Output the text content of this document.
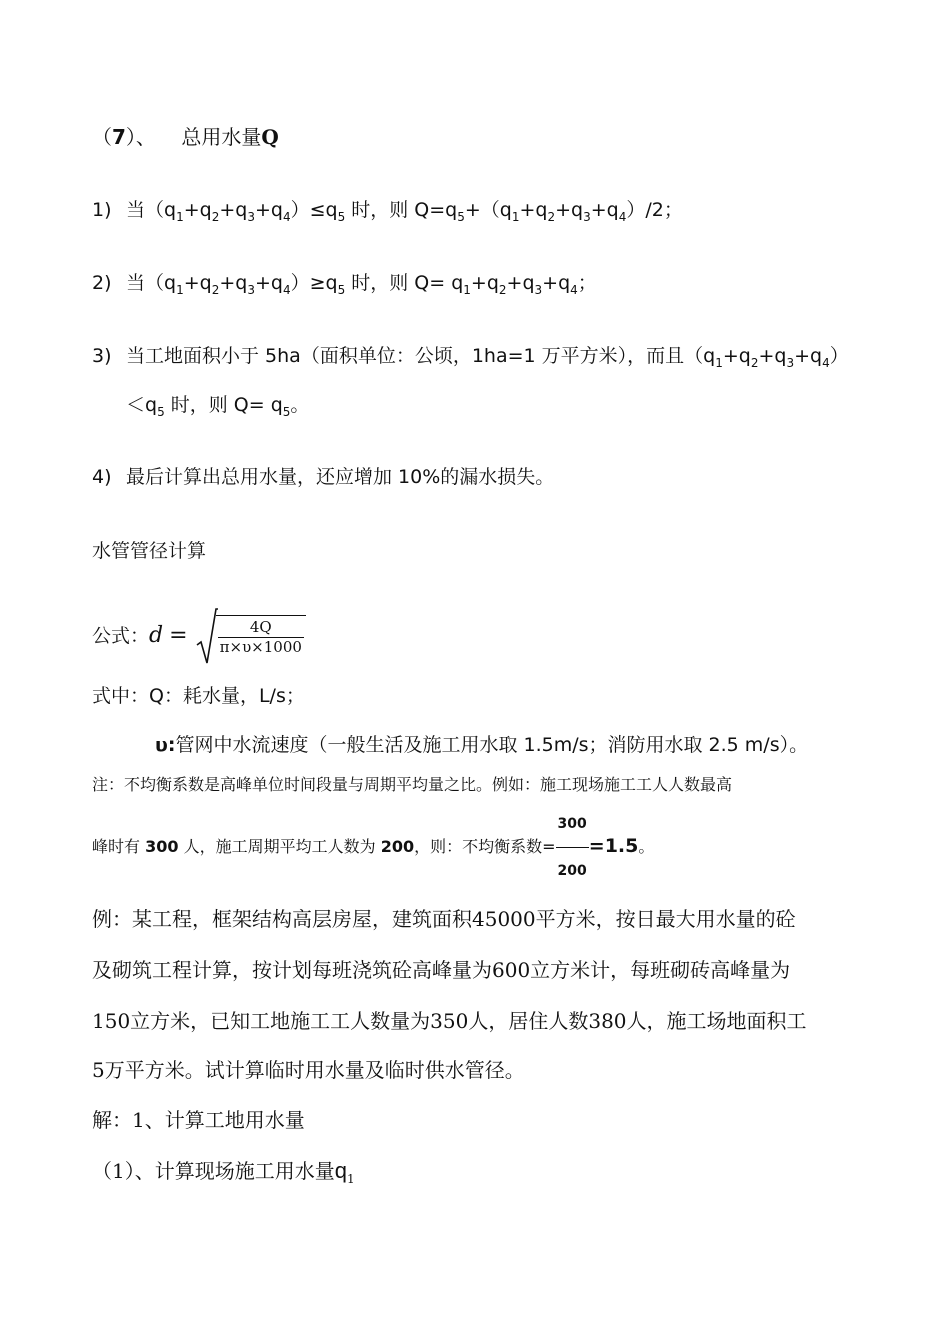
（7）、 总用水量Q
1) 当$(q_1+q_2+q_3+q_4)\le q_5$ 时，则 $Q=q_5+(q_1+q_2+q_3+q_4)/2$；
2) 当$(q_1+q_2+q_3+q_4)\ge q_5$ 时，则 $Q= q_1+q_2+q_3+q_4$；
3) 当工地面积小于 5ha（面积单位：公顷，1ha=1 万平方米），而且$(q_1+q_2+q_3+q_4)$
$<q_5$ 时，则 $Q= q_5$。
4) 最后计算出总用水量，还应增加 10%的漏水损失。
水管管径计算
公式：$d = \frac{4Q}{\pi\times\upsilon\times 1000}$
式中：Q：耗水量，L/s；
υ:管网中水流速度（一般生活及施工用水取 1.5m/s；消防用水取 2.5 m/s）。
注：不均衡系数是高峰单位时间段量与周期平均量之比。例如：施工现场施工工人人数最高
峰时有 300 人，施工周期平均工人数为 200，则：不均衡系数= $\frac{300}{200} =1.5$。
例：某工程，框架结构高层房屋，建筑面积45000平方米，按日最大用水量的砼
及砌筑工程计算，按计划每班浇筑砼高峰量为600立方米计，每班砌砖高峰量为
150立方米，已知工地施工工人数量为350人，居住人数380人，施工场地面积工
5万平方米。试计算临时用水量及临时供水管径。
解：1、计算工地用水量
（1）、计算现场施工用水量$q_1$
